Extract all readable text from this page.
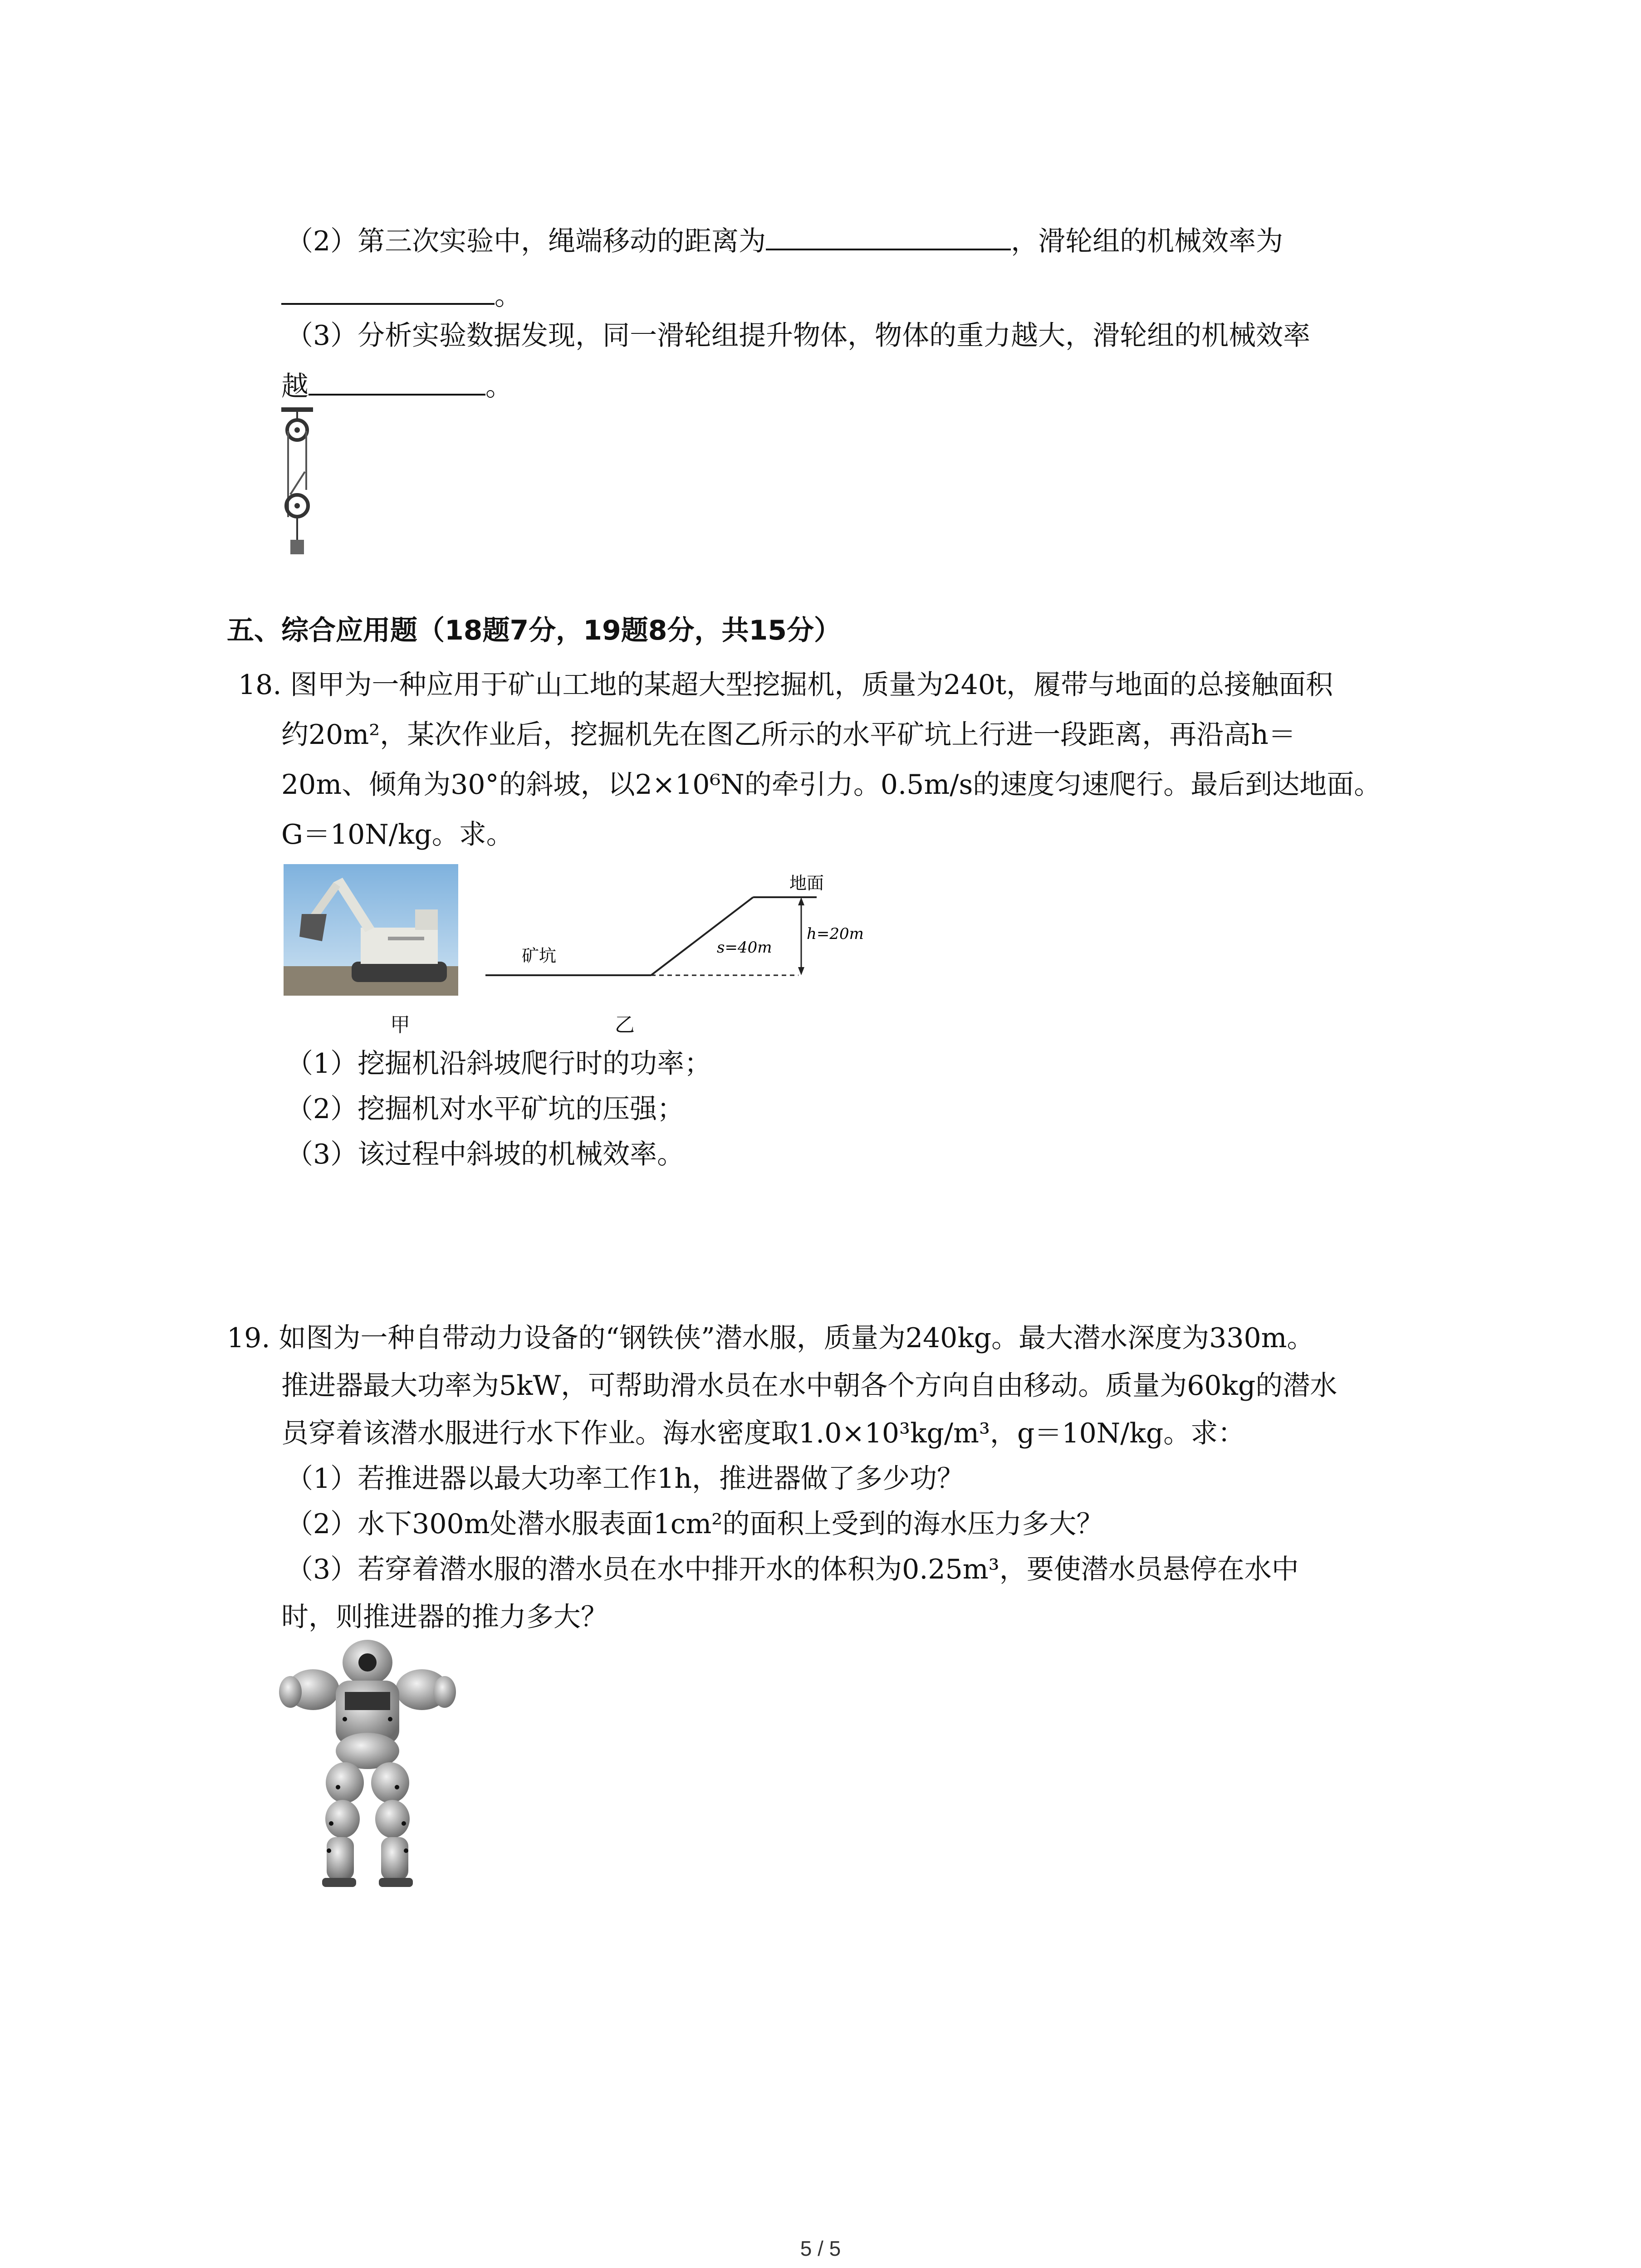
（2）第三次实验中，绳端移动的距离为	，滑轮组的机械效率为
。
（3）分析实验数据发现，同一滑轮组提升物体，物体的重力越大，滑轮组的机械效率
越	。
五、综合应用题（18题7分，19题8分，共15分）
18. 图甲为一种应用于矿山工地的某超大型挖掘机，质量为240t，履带与地面的总接触面积
约20m²，某次作业后，挖掘机先在图乙所示的水平矿坑上行进一段距离，再沿高h＝
20m、倾角为30°的斜坡，以2×10⁶N的牵引力。0.5m/s的速度匀速爬行。最后到达地面。
G＝10N/kg。求。
矿坑
地面
s=40m
h=20m
甲	乙
（1）挖掘机沿斜坡爬行时的功率；
（2）挖掘机对水平矿坑的压强；
（3）该过程中斜坡的机械效率。
19. 如图为一种自带动力设备的“钢铁侠”潜水服，质量为240kg。最大潜水深度为330m。
推进器最大功率为5kW，可帮助滑水员在水中朝各个方向自由移动。质量为60kg的潜水
员穿着该潜水服进行水下作业。海水密度取1.0×10³kg/m³，g＝10N/kg。求：
（1）若推进器以最大功率工作1h，推进器做了多少功？
（2）水下300m处潜水服表面1cm²的面积上受到的海水压力多大？
（3）若穿着潜水服的潜水员在水中排开水的体积为0.25m³，要使潜水员悬停在水中
时，则推进器的推力多大？
5 / 5
